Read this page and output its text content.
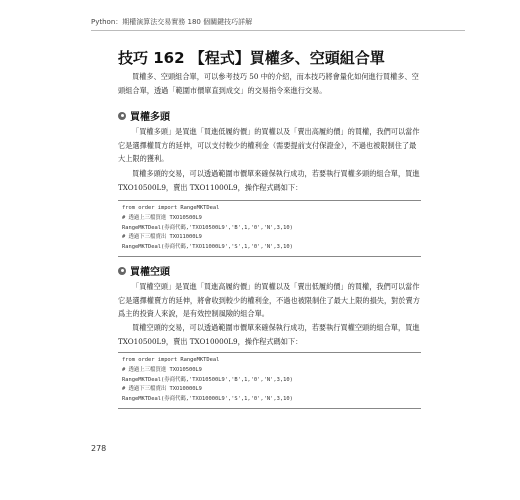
Python：期權演算法交易實務 180 個關鍵技巧詳解
技巧 162 【程式】買權多、空頭組合單

買權多、空頭組合單，可以參考技巧 50 中的介紹，而本技巧將會量化如何進行買權多、空頭組合單，透過「範圍市價單直到成交」的交易指令來進行交易。

買權多頭

「買權多頭」是買進「買進低履約價」的買權以及「賣出高履約價」的買權，我們可以當作它是選擇權買方的延伸，可以支付較少的權利金（需要提前支付保證金），不過也被限制住了最大上限的獲利。

買權多頭的交易，可以透過範圍市價單來確保執行成功，若要執行買權多頭的組合單，買進 TXO10500L9，賣出 TXO11000L9，操作程式碼如下：

from order import RangeMKTDeal
# 透過上三檔買進 TXO10500L9
RangeMKTDeal(券商代碼,'TXO10500L9','B',1,'0','N',3,10)
# 透過下三檔賣出 TXO11000L9
RangeMKTDeal(券商代碼,'TXO11000L9','S',1,'0','N',3,10)
買權空頭

「買權空頭」是買進「買進高履約價」的買權以及「賣出低履約價」的買權，我們可以當作它是選擇權賣方的延伸，將會收到較少的權利金，不過也被限制住了最大上限的損失，對於賣方爲主的投資人來說，是有效控制風險的組合單。

買權空頭的交易，可以透過範圍市價單來確保執行成功，若要執行買權空頭的組合單，買進 TXO10500L9，賣出 TXO10000L9，操作程式碼如下：

from order import RangeMKTDeal
# 透過上三檔買進 TXO10500L9
RangeMKTDeal(券商代碼,'TXO10500L9','B',1,'0','N',3,10)
# 透過下三檔賣出 TXO10000L9
RangeMKTDeal(券商代碼,'TXO10000L9','S',1,'0','N',3,10)
278
